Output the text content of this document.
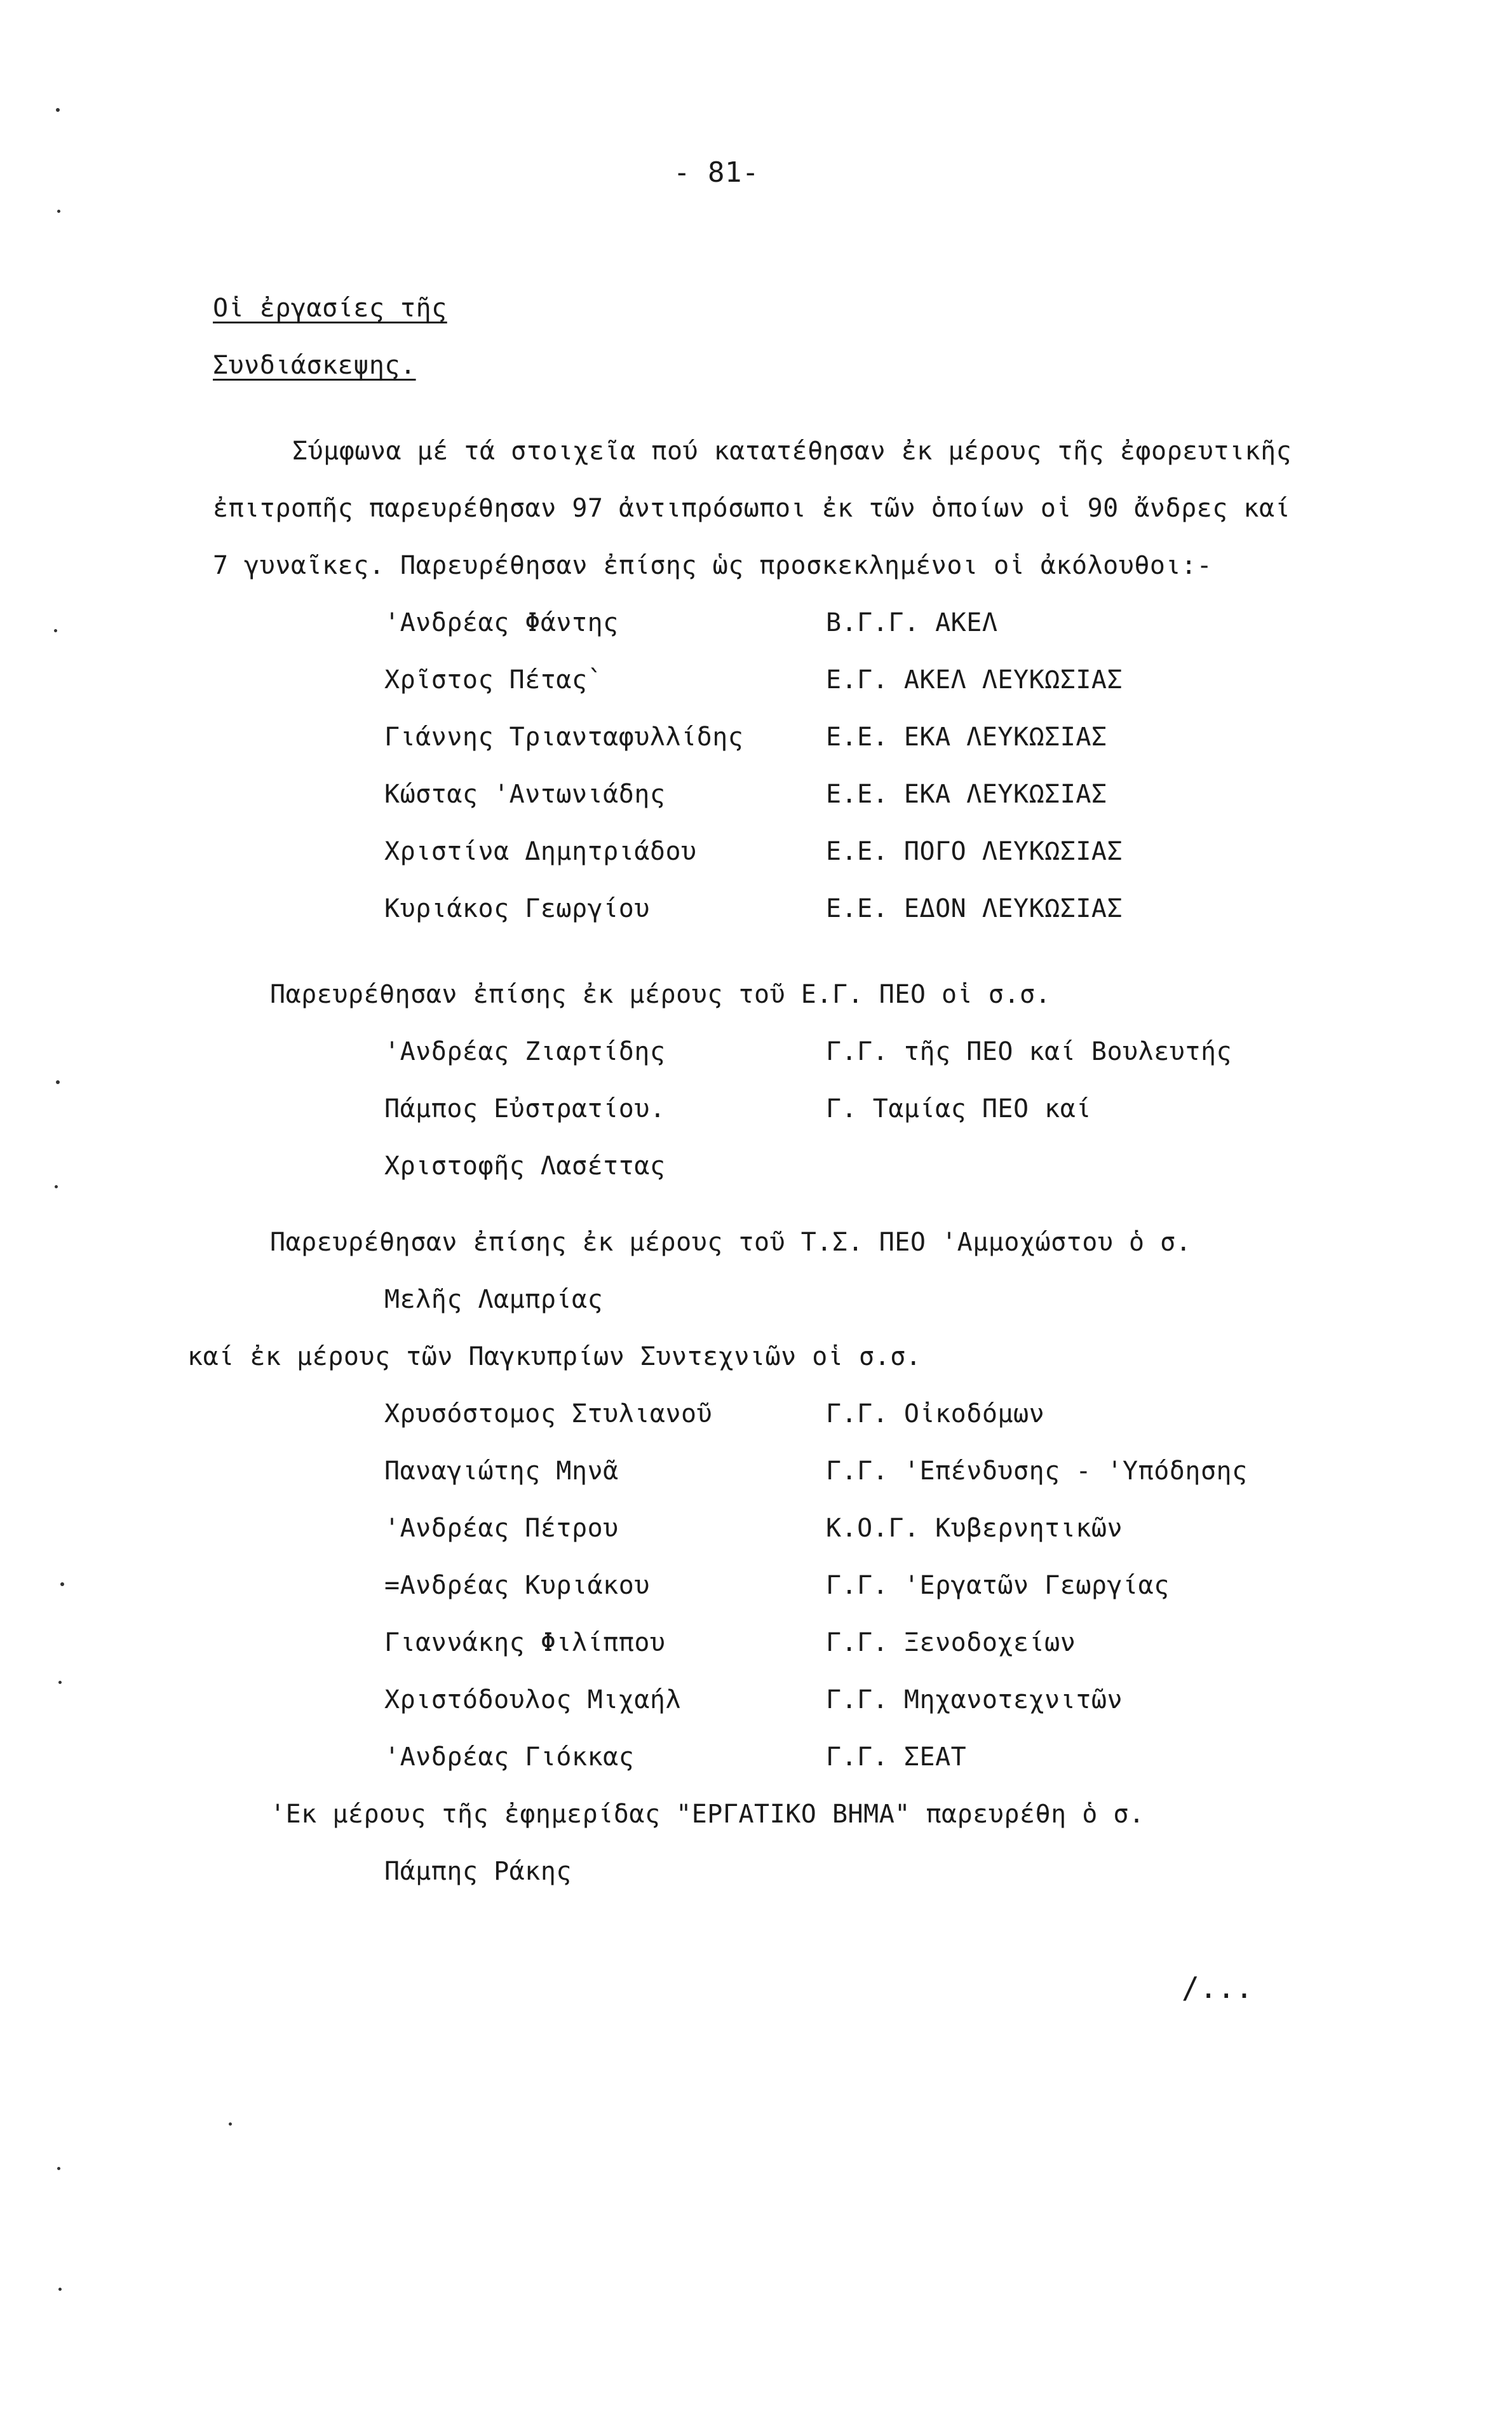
- 81-
Οἱ ἐργασίες τῆς
Συνδιάσκεψης.
Σύμφωνα μέ τά στοιχεῖα πού κατατέθησαν ἐκ μέρους τῆς ἐφορευτικῆς
ἐπιτροπῆς παρευρέθησαν 97 ἀντιπρόσωποι ἐκ τῶν ὁποίων οἱ 90 ἄνδρες καί
7 γυναῖκες. Παρευρέθησαν ἐπίσης ὡς προσκεκλημένοι οἱ ἀκόλουθοι:-
'Ανδρέας Φάντης	Β.Γ.Γ. ΑΚΕΛ
Χρῖστος Πέτας`	Ε.Γ. ΑΚΕΛ ΛΕΥΚΩΣΙΑΣ
Γιάννης Τριανταφυλλίδης	Ε.Ε. ΕΚΑ ΛΕΥΚΩΣΙΑΣ
Κώστας 'Αντωνιάδης	Ε.Ε. ΕΚΑ ΛΕΥΚΩΣΙΑΣ
Χριστίνα Δημητριάδου	Ε.Ε. ΠΟΓΟ ΛΕΥΚΩΣΙΑΣ
Κυριάκος Γεωργίου	Ε.Ε. ΕΔΟΝ ΛΕΥΚΩΣΙΑΣ
Παρευρέθησαν ἐπίσης ἐκ μέρους τοῦ Ε.Γ. ΠΕΟ οἱ σ.σ.
'Ανδρέας Ζιαρτίδης	Γ.Γ. τῆς ΠΕΟ καί Βουλευτής
Πάμπος Εὐστρατίου.	Γ. Ταμίας ΠΕΟ καί
Χριστοφῆς Λασέττας
Παρευρέθησαν ἐπίσης ἐκ μέρους τοῦ Τ.Σ. ΠΕΟ 'Αμμοχώστου ὁ σ.
Μελῆς Λαμπρίας
καί ἐκ μέρους τῶν Παγκυπρίων Συντεχνιῶν οἱ σ.σ.
Χρυσόστομος Στυλιανοῦ	Γ.Γ. Οἰκοδόμων
Παναγιώτης Μηνᾶ	Γ.Γ. 'Επένδυσης - 'Υπόδησης
'Ανδρέας Πέτρου	Κ.Ο.Γ. Κυβερνητικῶν
=Ανδρέας Κυριάκου	Γ.Γ. 'Εργατῶν Γεωργίας
Γιαννάκης Φιλίππου	Γ.Γ. Ξενοδοχείων
Χριστόδουλος Μιχαήλ	Γ.Γ. Μηχανοτεχνιτῶν
'Ανδρέας Γιόκκας	Γ.Γ. ΣΕΑΤ
'Εκ μέρους τῆς ἐφημερίδας "ΕΡΓΑΤΙΚΟ ΒΗΜΑ" παρευρέθη ὁ σ.
Πάμπης Ράκης
/...
